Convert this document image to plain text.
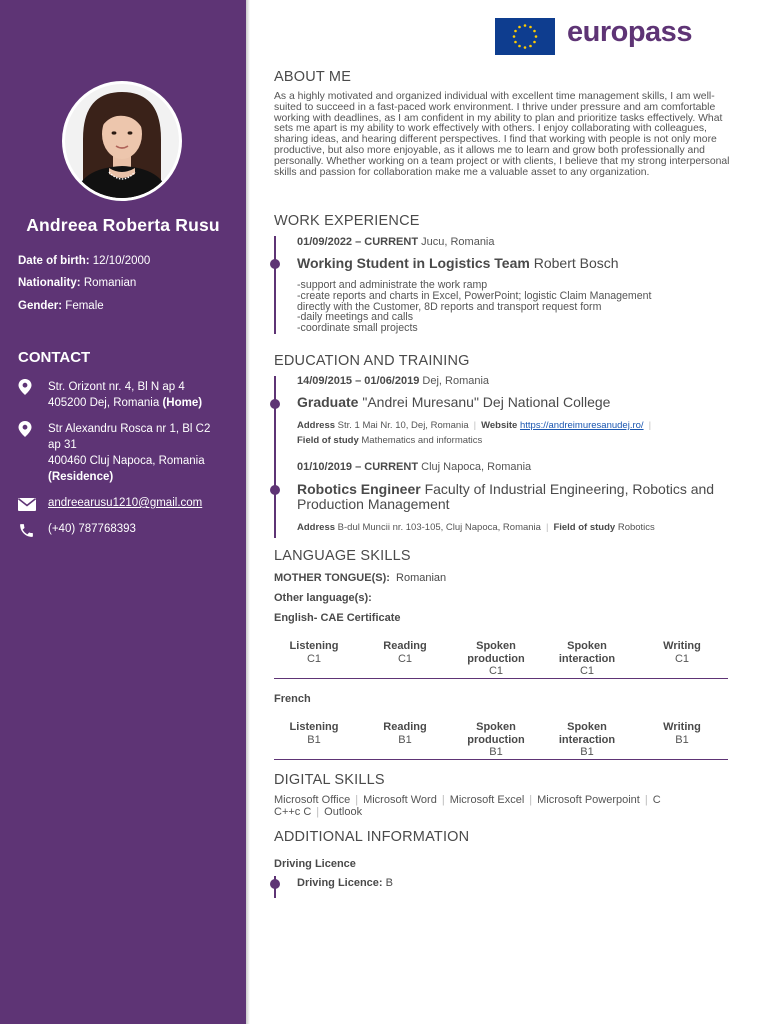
Andreea Roberta Rusu
Date of birth: 12/10/2000
Nationality: Romanian
Gender: Female
CONTACT
Str. Orizont nr. 4, Bl N ap 4
405200 Dej, Romania (Home)
Str Alexandru Rosca nr 1, Bl C2
ap 31
400460 Cluj Napoca, Romania
(Residence)
andreearusu1210@gmail.com
(+40) 787768393
europass
ABOUT ME
As a highly motivated and organized individual with excellent time management skills, I am well-suited to succeed in a fast-paced work environment. I thrive under pressure and am comfortable working with deadlines, as I am confident in my ability to plan and prioritize tasks effectively. What sets me apart is my ability to work effectively with others. I enjoy collaborating with colleagues, sharing ideas, and hearing different perspectives. I find that working with people is not only more productive, but also more enjoyable, as it allows me to learn and grow both professionally and personally. Whether working on a team project or with clients, I believe that my strong interpersonal skills and passion for collaboration make me a valuable asset to any organization.
WORK EXPERIENCE
01/09/2022 – CURRENT Jucu, Romania
Working Student in Logistics Team Robert Bosch
-support and administrate the work ramp
-create reports and charts in Excel, PowerPoint; logistic Claim Management
directly with the Customer, 8D reports and transport request form
-daily meetings and calls
-coordinate small projects
EDUCATION AND TRAINING
14/09/2015 – 01/06/2019 Dej, Romania
Graduate "Andrei Muresanu" Dej National College
Address Str. 1 Mai Nr. 10, Dej, Romania | Website https://andreimuresanudej.ro/ |
Field of study Mathematics and informatics
01/10/2019 – CURRENT Cluj Napoca, Romania
Robotics Engineer Faculty of Industrial Engineering, Robotics and Production Management
Address B-dul Muncii nr. 103-105, Cluj Napoca, Romania | Field of study Robotics
LANGUAGE SKILLS
MOTHER TONGUE(S): Romanian
Other language(s):
English- CAE Certificate
Listening
C1
Reading
C1
Spoken
production
C1
Spoken
interaction
C1
Writing
C1
French
Listening
B1
Reading
B1
Spoken
production
B1
Spoken
interaction
B1
Writing
B1
DIGITAL SKILLS
Microsoft Office | Microsoft Word | Microsoft Excel | Microsoft Powerpoint | C
C++c C | Outlook
ADDITIONAL INFORMATION
Driving Licence
Driving Licence: B
